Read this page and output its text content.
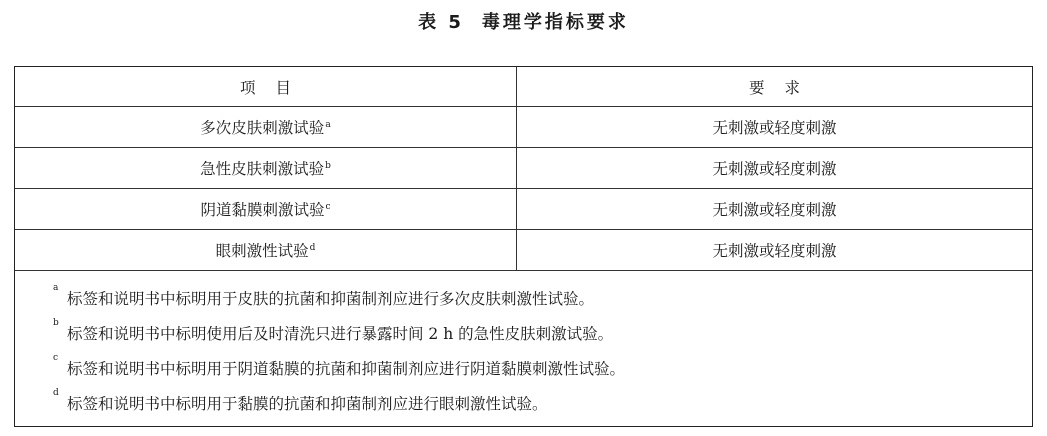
表 5 毒理学指标要求
项目	要求
多次皮肤刺激试验$^a$	无刺激或轻度刺激
急性皮肤刺激试验$^b$	无刺激或轻度刺激
阴道黏膜刺激试验$^c$	无刺激或轻度刺激
眼刺激性试验$^d$	无刺激或轻度刺激
a
标签和说明书中标明用于皮肤的抗菌和抑菌制剂应进行多次皮肤刺激性试验。
b
标签和说明书中标明使用后及时清洗只进行暴露时间 2 h 的急性皮肤刺激试验。
c
标签和说明书中标明用于阴道黏膜的抗菌和抑菌制剂应进行阴道黏膜刺激性试验。
d
标签和说明书中标明用于黏膜的抗菌和抑菌制剂应进行眼刺激性试验。
